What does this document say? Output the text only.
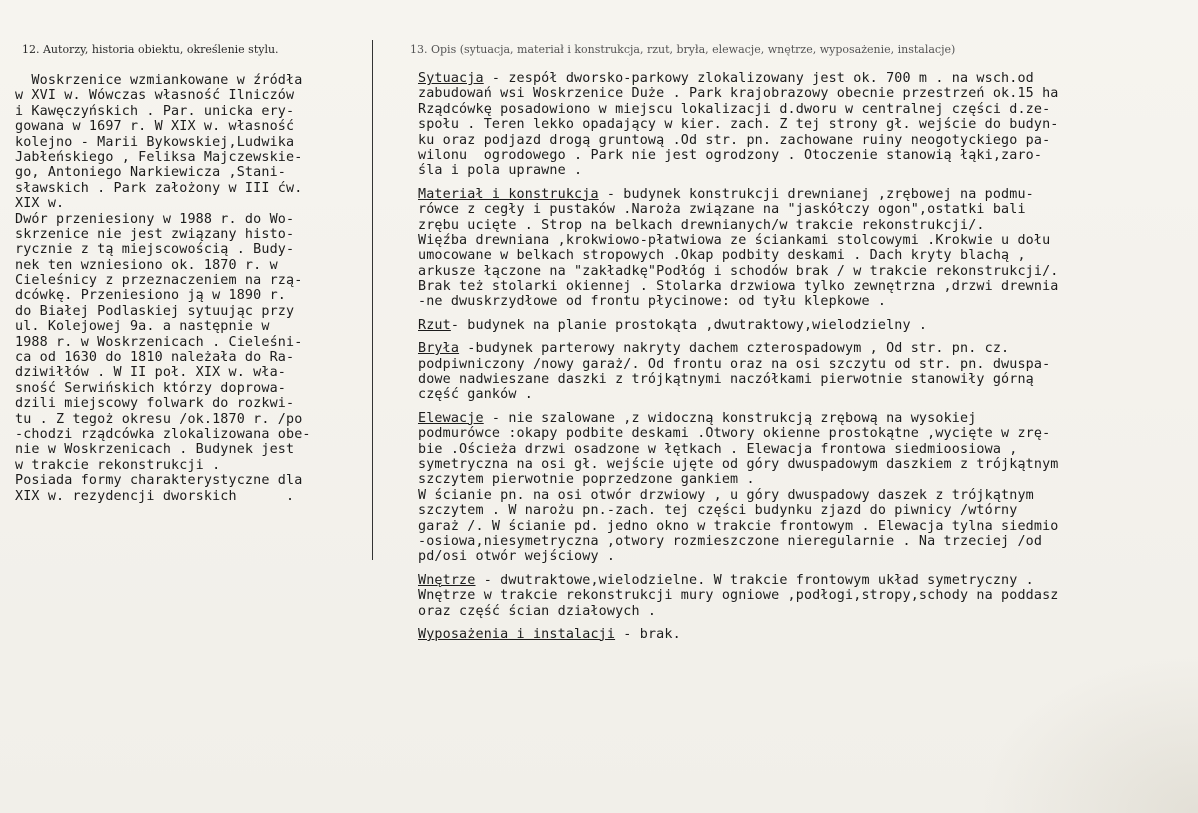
12. Autorzy, historia obiektu, określenie stylu.	13. Opis (sytuacja, materiał i konstrukcja, rzut, bryła, elewacje, wnętrze, wyposażenie, instalacje)
Woskrzenice wzmiankowane w źródła
w XVI w. Wówczas własność Ilniczów
i Kawęczyńskich . Par. unicka ery-
gowana w 1697 r. W XIX w. własność
kolejno - Marii Bykowskiej,Ludwika
Jabłeńskiego , Feliksa Majczewskie-
go, Antoniego Narkiewicza ,Stani-
sławskich . Park założony w III ćw.
XIX w.
Dwór przeniesiony w 1988 r. do Wo-
skrzenice nie jest związany histo-
rycznie z tą miejscowością . Budy-
nek ten wzniesiono ok. 1870 r. w
Cieleśnicy z przeznaczeniem na rzą-
dcówkę. Przeniesiono ją w 1890 r.
do Białej Podlaskiej sytuując przy
ul. Kolejowej 9a. a następnie w
1988 r. w Woskrzenicach . Cieleśni-
ca od 1630 do 1810 należała do Ra-
dziwiłłów . W II poł. XIX w. wła-
sność Serwińskich którzy doprowa-
dzili miejscowy folwark do rozkwi-
tu . Z tegoż okresu /ok.1870 r. /po
-chodzi rządcówka zlokalizowana obe-
nie w Woskrzenicach . Budynek jest
w trakcie rekonstrukcji .
Posiada formy charakterystyczne dla
XIX w. rezydencji dworskich      .
Sytuacja - zespół dworsko-parkowy zlokalizowany jest ok. 700 m . na wsch.od
zabudowań wsi Woskrzenice Duże . Park krajobrazowy obecnie przestrzeń ok.15 ha
Rządcówkę posadowiono w miejscu lokalizacji d.dworu w centralnej części d.ze-
społu . Teren lekko opadający w kier. zach. Z tej strony gł. wejście do budyn-
ku oraz podjazd drogą gruntową .Od str. pn. zachowane ruiny neogotyckiego pa-
wilonu  ogrodowego . Park nie jest ogrodzony . Otoczenie stanowią łąki,zaro-
śla i pola uprawne .
Materiał i konstrukcja - budynek konstrukcji drewnianej ,zrębowej na podmu-
rówce z cegły i pustaków .Naroża związane na "jaskółczy ogon",ostatki bali
zrębu ucięte . Strop na belkach drewnianych/w trakcie rekonstrukcji/.
Więźba drewniana ,krokwiowo-płatwiowa ze ściankami stolcowymi .Krokwie u dołu
umocowane w belkach stropowych .Okap podbity deskami . Dach kryty blachą ,
arkusze łączone na "zakładkę"Podłóg i schodów brak / w trakcie rekonstrukcji/.
Brak też stolarki okiennej . Stolarka drzwiowa tylko zewnętrzna ,drzwi drewnia
-ne dwuskrzydłowe od frontu płycinowe: od tyłu klepkowe .
Rzut- budynek na planie prostokąta ,dwutraktowy,wielodzielny .
Bryła -budynek parterowy nakryty dachem czterospadowym , Od str. pn. cz.
podpiwniczony /nowy garaż/. Od frontu oraz na osi szczytu od str. pn. dwuspa-
dowe nadwieszane daszki z trójkątnymi naczółkami pierwotnie stanowiły górną
część ganków .
Elewacje - nie szalowane ,z widoczną konstrukcją zrębową na wysokiej
podmurówce :okapy podbite deskami .Otwory okienne prostokątne ,wycięte w zrę-
bie .Ościeża drzwi osadzone w łętkach . Elewacja frontowa siedmioosiowa ,
symetryczna na osi gł. wejście ujęte od góry dwuspadowym daszkiem z trójkątnym
szczytem pierwotnie poprzedzone gankiem .
W ścianie pn. na osi otwór drzwiowy , u góry dwuspadowy daszek z trójkątnym
szczytem . W narożu pn.-zach. tej części budynku zjazd do piwnicy /wtórny
garaż /. W ścianie pd. jedno okno w trakcie frontowym . Elewacja tylna siedmio
-osiowa,niesymetryczna ,otwory rozmieszczone nieregularnie . Na trzeciej /od
pd/osi otwór wejściowy .
Wnętrze - dwutraktowe,wielodzielne. W trakcie frontowym układ symetryczny .
Wnętrze w trakcie rekonstrukcji mury ogniowe ,podłogi,stropy,schody na poddasz
oraz część ścian działowych .
Wyposażenia i instalacji - brak.
